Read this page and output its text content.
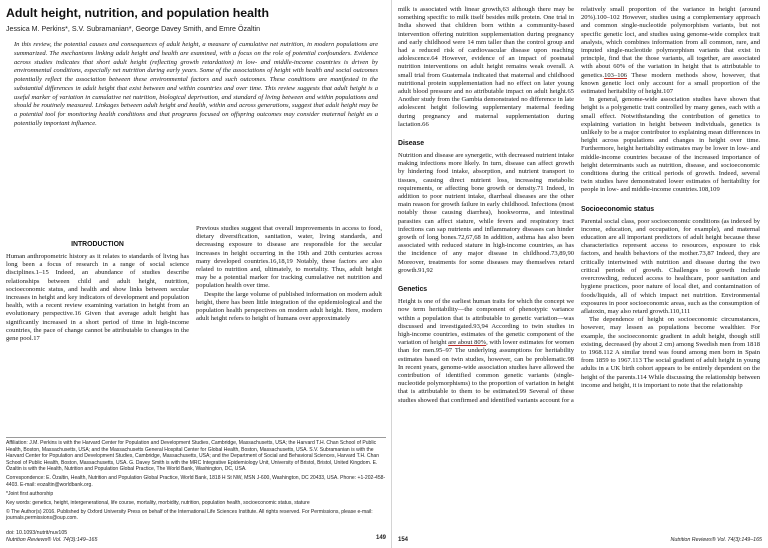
Adult height, nutrition, and population health
Jessica M. Perkins*, S.V. Subramanian*, George Davey Smith, and Emre Özaltin

In this review, the potential causes and consequences of adult height, a measure of cumulative net nutrition, in modern populations are summarized. The mechanisms linking adult height and health are examined, with a focus on the role of potential confounders. Evidence across studies indicates that short adult height (reflecting growth retardation) in low- and middle-income countries is driven by environmental conditions, especially net nutrition during early years. Some of the associations of height with health and social outcomes potentially reflect the association between these environmental factors and such outcomes. These conditions are manifested in the substantial differences in adult height that exist between and within countries and over time. This review suggests that adult height is a useful marker of variation in cumulative net nutrition, biological deprivation, and standard of living between and within populations and should be routinely measured. Linkages between adult height and health, within and across generations, suggest that adult height may be a potential tool for monitoring health conditions and that programs focused on offspring outcomes may consider maternal height as a potentially important influence.

INTRODUCTION

Human anthropometric history as it relates to standards of living has long been a focus of research in a range of social science disciplines.1–15 Indeed, an abundance of studies describe relationships between child and adult height, nutrition, socioeconomic status, and health and show links between secular increases in height and key indicators of development and population health, with a recent review examining variation in height from an evolutionary perspective.16 Given that average adult height has significantly increased in a short period of time in high-income countries, the pace of change cannot be attributable to changes in the gene pool.17

Previous studies suggest that overall improvements in access to food, dietary diversification, sanitation, water, living standards, and decreasing exposure to disease are responsible for the secular increases in height occurring in the 19th and 20th centuries across many developed countries.16,18,19 Notably, these factors are also related to nutrition and, ultimately, to mortality. Thus, adult height may be a potential marker for tracking cumulative net nutrition and population health over time.

Despite the large volume of published information on modern adult height, there has been little integration of the epidemiological and the population health perspectives on modern adult height. Here, modern adult height refers to height of humans over approximately

Affiliation: J.M. Perkins is with the Harvard Center for Population and Development Studies, Cambridge, Massachusetts, USA; the Harvard T.H. Chan School of Public Health, Boston, Massachusetts, USA; and the Massachusetts General Hospital Center for Global Health, Boston, Massachusetts, USA. S.V. Subramanian is with the Harvard Center for Population and Development Studies, Cambridge, Massachusetts, USA; and the Department of Social and Behavioral Sciences, Harvard T.H. Chan School of Public Health, Boston, Massachusetts, USA. G. Davey Smith is with the MRC Integrative Epidemiology Unit, University of Bristol, Bristol, United Kingdom. E. Özaltin is with the Health, Nutrition and Population Global Practice, The World Bank, Washington, DC, USA.

Correspondence: E. Özaltin, Health, Nutrition and Population Global Practice, World Bank, 1818 H St NW, MSN J-600, Washington, DC 20433, USA. Phone: +1-202-458-4403. E-mail: eozaltin@worldbank.org.

*Joint first authorship

Key words: genetics, height, intergenerational, life course, mortality, morbidity, nutrition, population health, socioeconomic status, stature

© The Author(s) 2016. Published by Oxford University Press on behalf of the International Life Sciences Institute. All rights reserved. For Permissions, please e-mail: journals.permissions@oup.com.

doi: 10.1093/nutrit/nuv105
Nutrition Reviews® Vol. 74(3):149–165	149

milk is associated with linear growth,63 although there may be something specific to milk itself besides milk protein. One trial in India showed that children born within a community-based intervention offering nutrition supplementation during pregnancy and early childhood were 14 mm taller than the control group and had a reduced risk of cardiovascular disease upon reaching adolescence.64 However, evidence of an impact of postnatal nutrition interventions on adult height remains weak overall. A small trial from Guatemala indicated that maternal and childhood nutritional protein supplementation had no effect on later young adult blood pressure and no attributable impact on adult height.65 Another study from the Gambia demonstrated no difference in late adolescent height following supplementary maternal feeding during pregnancy and maternal supplementation during lactation.66

Disease

Nutrition and disease are synergetic, with decreased nutrient intake making infections more likely. In turn, disease can affect growth by hindering food intake, absorption, and nutrient transport to tissues, causing direct nutrient loss, increasing metabolic requirements, or affecting bone growth or density.71 Indeed, in addition to poor nutrient intake, diarrheal diseases are the other main reason for growth failure in early childhood. Infections (most notably those causing diarrhea), hookworms, and intestinal parasites can affect stature, while fevers and respiratory tract infections can sap nutrients and inflammatory diseases can hinder growth of long bones.72,67,68 In addition, asthma has also been associated with reduced stature in high-income countries, as has the incidence of any major disease in childhood.73,89,90 Moreover, treatments for some diseases may themselves retard growth.91,92

Genetics

Height is one of the earliest human traits for which the concept we now term heritability—the component of phenotypic variance within a population that is attributable to genetic variation—was discussed and investigated.93,94 According to twin studies in high-income countries, estimates of the genetic component of the variation of height are about 80%, with lower estimates for women than for men.95–97 The underlying assumptions for heritability estimates based on twin studies, however, can be problematic.98 In recent years, genome-wide association studies have allowed the contribution of identified common genetic variants (single-nucleotide polymorphisms) to the proportion of variation in height that is attributable to them to be estimated.99 Several of these studies showed that confirmed and identified variants account for a

relatively small proportion of the variance in height (around 20%).100–102 However, studies using a complementary approach and common single-nucleotide polymorphism variants, but not specific genetic loci, and studies using genome-wide complex trait analysis, which combines information from all common, rare, and imputed single-nucleotide polymorphism variants that exist in principle, find that the those variants, all together, are associated with about 60% of the variation in height that is attributable to genetics.103–106 These modern methods show, however, that known genetic loci only account for a small proportion of the estimated heritability of height.107

In general, genome-wide association studies have shown that height is a polygenetic trait controlled by many genes, each with a small effect. Notwithstanding the contribution of genetics to explaining variation in height between individuals, genetics is unlikely to be a major contributor to explaining mean differences in height across populations and changes in height over time. Furthermore, height heritability estimates may be lower in low- and middle-income countries because of the increased importance of height determinants such as nutrition, disease, and socioeconomic conditions during the critical periods of growth. Indeed, several twin studies have demonstrated lower estimates of heritability for people in low- and middle-income countries.108,109

Socioeconomic status

Parental social class, poor socioeconomic conditions (as indexed by income, education, and occupation, for example), and maternal education are all important predictors of adult height because these characteristics represent access to resources, exposure to risk factors, and health behaviors of the mother.73,87 Indeed, they are critically intertwined with nutrition and disease during the two critical periods of growth. Challenges to growth include overcrowding, reduced access to healthcare, poor sanitation and hygiene practices, poor nature of local diet, and contamination of foods/liquids, all of which impact net nutrition. Environmental exposures in poor socioeconomic areas, such as the consumption of aflatoxin, may also retard growth.110,111

The dependence of height on socioeconomic circumstances, however, may lessen as populations become wealthier. For example, the socioeconomic gradient in adult height, though still existing, decreased (by about 2 cm) among Swedish men from 1818 to 1968.112 A similar trend was found among men born in Spain from 1859 to 1967.113 The social gradient of adult height in young adults in a UK birth cohort appears to be entirely dependent on the height of the parents.114 While discussing the relationship between income and height, it is important to note that the relationship

154	Nutrition Reviews® Vol. 74(3):149–165
